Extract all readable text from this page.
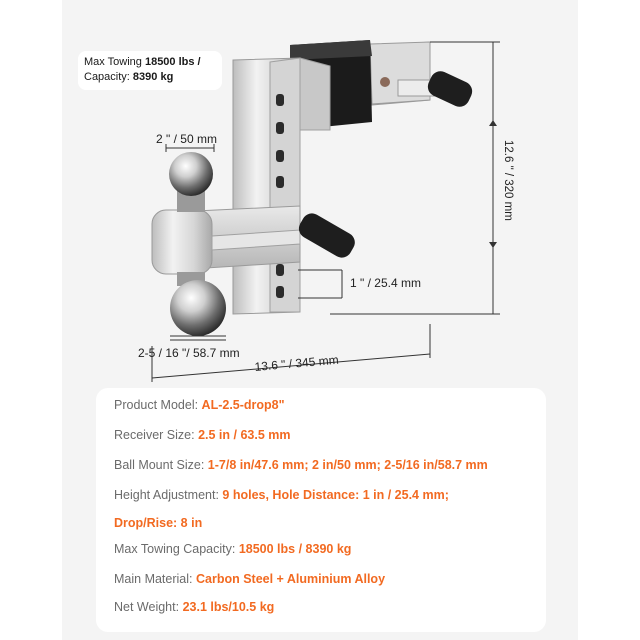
Max Towing 18500 lbs /
Capacity: 8390 kg
2 " / 50 mm
2-5 / 16 "/ 58.7 mm
1 " / 25.4 mm
12.6 " / 320 mm
13.6 " / 345 mm
Product Model: AL-2.5-drop8"
Receiver Size: 2.5 in / 63.5 mm
Ball Mount Size: 1-7/8 in/47.6 mm; 2 in/50 mm; 2-5/16 in/58.7 mm
Height Adjustment: 9 holes, Hole Distance: 1 in / 25.4 mm;
Drop/Rise: 8 in
Max Towing Capacity: 18500 lbs / 8390 kg
Main Material: Carbon Steel + Aluminium Alloy
Net Weight: 23.1 lbs/10.5 kg
